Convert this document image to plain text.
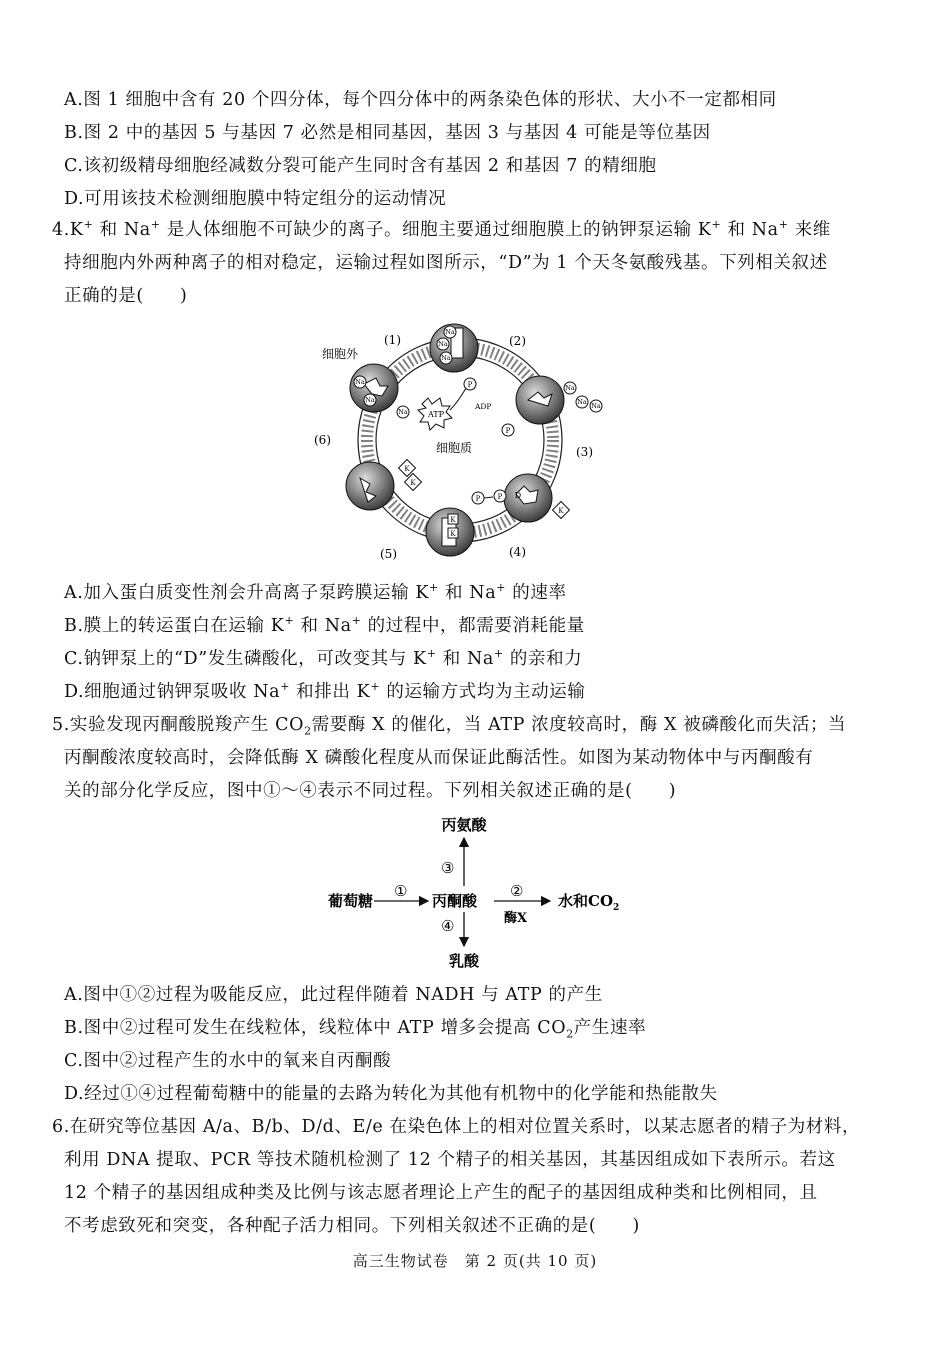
A.图 1 细胞中含有 20 个四分体，每个四分体中的两条染色体的形状、大小不一定都相同
B.图 2 中的基因 5 与基因 7 必然是相同基因，基因 3 与基因 4 可能是等位基因
C.该初级精母细胞经减数分裂可能产生同时含有基因 2 和基因 7 的精细胞
D.可用该技术检测细胞膜中特定组分的运动情况
4.K+ 和 Na+ 是人体细胞不可缺少的离子。细胞主要通过细胞膜上的钠钾泵运输 K+ 和 Na+ 来维
持细胞内外两种离子的相对稳定，运输过程如图所示，“D”为 1 个天冬氨酸残基。下列相关叙述
正确的是(　　)
Na
Na
Na
Na
Na
Na
Na
Na Na
K
K
K
K
K
P
P
P P D
ATP
ADP
细胞外
细胞质
(1)	(2)
(3)
(4)
(5)
(6)
A.加入蛋白质变性剂会升高离子泵跨膜运输 K+ 和 Na+ 的速率
B.膜上的转运蛋白在运输 K+ 和 Na+ 的过程中，都需要消耗能量
C.钠钾泵上的“D”发生磷酸化，可改变其与 K+ 和 Na+ 的亲和力
D.细胞通过钠钾泵吸收 Na+ 和排出 K+ 的运输方式均为主动运输
5.实验发现丙酮酸脱羧产生 $CO_2$需要酶 X 的催化，当 ATP 浓度较高时，酶 X 被磷酸化而失活；当
丙酮酸浓度较高时，会降低酶 X 磷酸化程度从而保证此酶活性。如图为某动物体中与丙酮酸有
关的部分化学反应，图中①～④表示不同过程。下列相关叙述正确的是(　　)
丙氨酸
葡萄糖	丙酮酸	水和$CO_2$
乳酸
①	②
酶X
③
④
A.图中①②过程为吸能反应，此过程伴随着 NADH 与 ATP 的产生
B.图中②过程可发生在线粒体，线粒体中 ATP 增多会提高 $CO_2$产生速率
C.图中②过程产生的水中的氧来自丙酮酸
D.经过①④过程葡萄糖中的能量的去路为转化为其他有机物中的化学能和热能散失
6.在研究等位基因 A/a、B/b、D/d、E/e 在染色体上的相对位置关系时，以某志愿者的精子为材料，
利用 DNA 提取、PCR 等技术随机检测了 12 个精子的相关基因，其基因组成如下表所示。若这
12 个精子的基因组成种类及比例与该志愿者理论上产生的配子的基因组成种类和比例相同，且
不考虑致死和突变，各种配子活力相同。下列相关叙述不正确的是(　　)
高三生物试卷　第 2 页(共 10 页)
